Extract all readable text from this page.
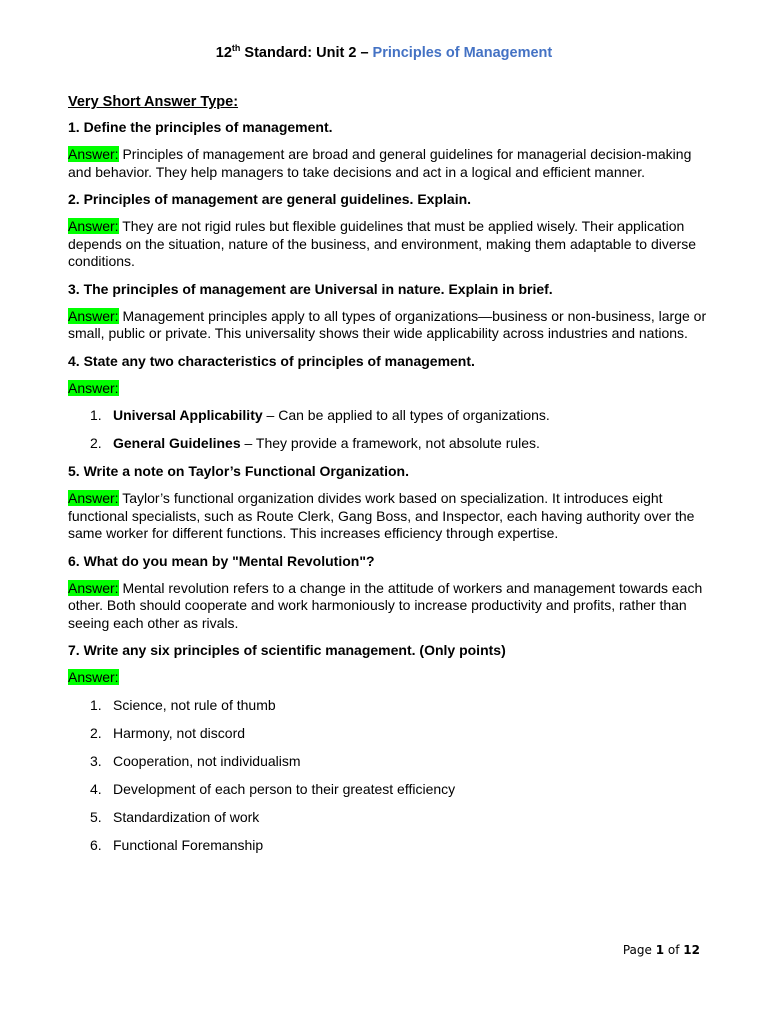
12th Standard: Unit 2 – Principles of Management
Very Short Answer Type:
1. Define the principles of management.
Answer: Principles of management are broad and general guidelines for managerial decision-making and behavior. They help managers to take decisions and act in a logical and efficient manner.
2. Principles of management are general guidelines. Explain.
Answer: They are not rigid rules but flexible guidelines that must be applied wisely. Their application depends on the situation, nature of the business, and environment, making them adaptable to diverse conditions.
3. The principles of management are Universal in nature. Explain in brief.
Answer: Management principles apply to all types of organizations—business or non-business, large or small, public or private. This universality shows their wide applicability across industries and nations.
4. State any two characteristics of principles of management.
Answer:
1. Universal Applicability – Can be applied to all types of organizations.
2. General Guidelines – They provide a framework, not absolute rules.
5. Write a note on Taylor’s Functional Organization.
Answer: Taylor’s functional organization divides work based on specialization. It introduces eight functional specialists, such as Route Clerk, Gang Boss, and Inspector, each having authority over the same worker for different functions. This increases efficiency through expertise.
6. What do you mean by "Mental Revolution"?
Answer: Mental revolution refers to a change in the attitude of workers and management towards each other. Both should cooperate and work harmoniously to increase productivity and profits, rather than seeing each other as rivals.
7. Write any six principles of scientific management. (Only points)
Answer:
1. Science, not rule of thumb
2. Harmony, not discord
3. Cooperation, not individualism
4. Development of each person to their greatest efficiency
5. Standardization of work
6. Functional Foremanship
Page 1 of 12
